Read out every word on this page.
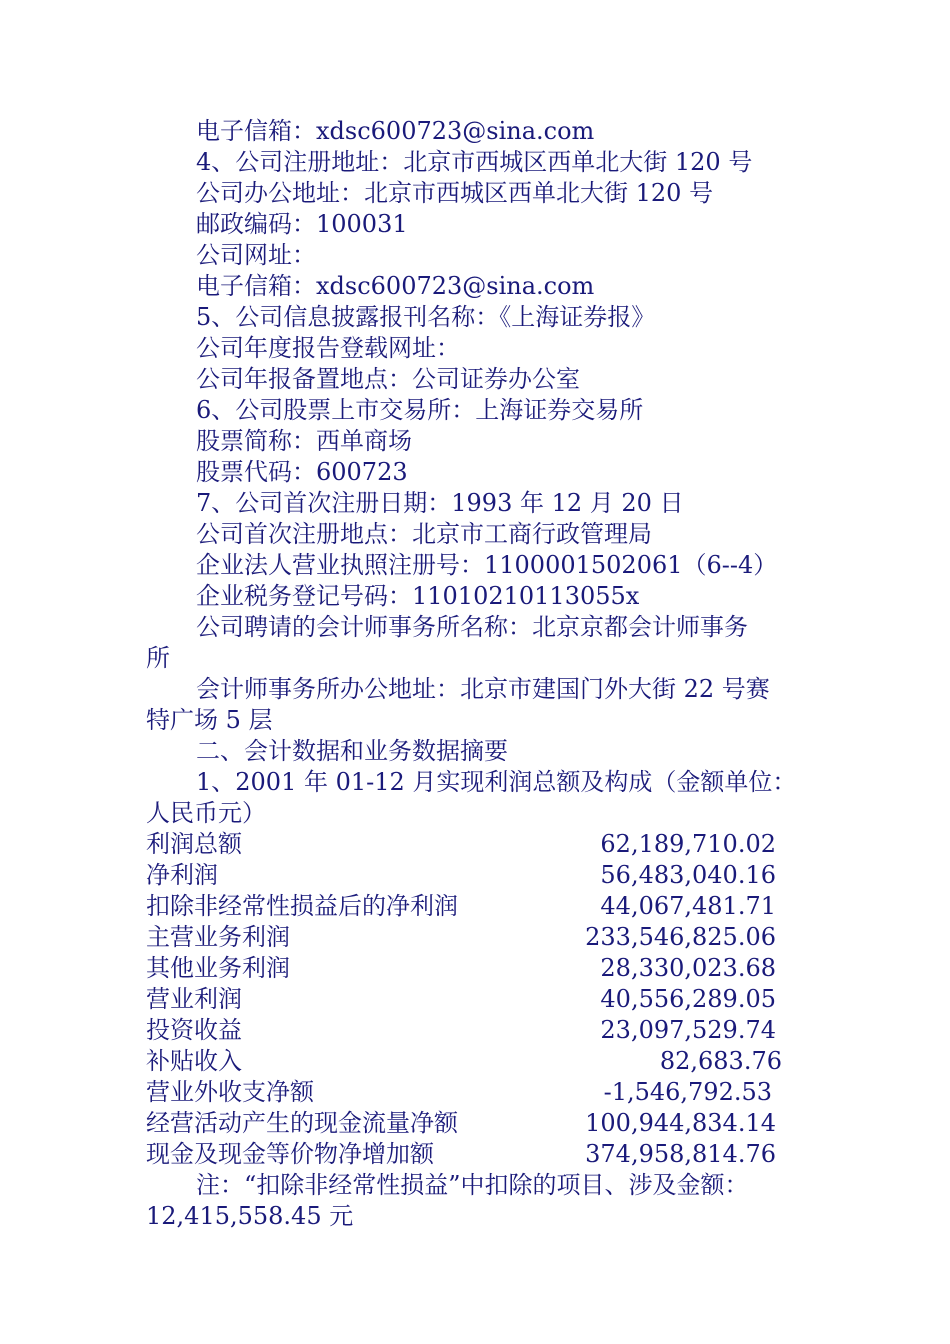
电子信箱：xdsc600723@sina.com
4、公司注册地址：北京市西城区西单北大街 120 号
公司办公地址：北京市西城区西单北大街 120 号
邮政编码：100031
公司网址：
电子信箱：xdsc600723@sina.com
5、公司信息披露报刊名称：《上海证券报》
公司年度报告登载网址：
公司年报备置地点：公司证券办公室
6、公司股票上市交易所：上海证券交易所
股票简称：西单商场
股票代码：600723
7、公司首次注册日期：1993 年 12 月 20 日
公司首次注册地点：北京市工商行政管理局
企业法人营业执照注册号：1100001502061（6--4）
企业税务登记号码：11010210113055x
公司聘请的会计师事务所名称：北京京都会计师事务
所
会计师事务所办公地址：北京市建国门外大街 22 号赛
特广场 5 层
二、会计数据和业务数据摘要
1、2001 年 01-12 月实现利润总额及构成（金额单位：
人民币元）
利润总额	62,189,710.02
净利润	56,483,040.16
扣除非经常性损益后的净利润	44,067,481.71
主营业务利润	233,546,825.06
其他业务利润	28,330,023.68
营业利润	40,556,289.05
投资收益	23,097,529.74
补贴收入	82,683.76
营业外收支净额	-1,546,792.53
经营活动产生的现金流量净额	100,944,834.14
现金及现金等价物净增加额	374,958,814.76
注：“扣除非经常性损益”中扣除的项目、涉及金额：
12,415,558.45 元
